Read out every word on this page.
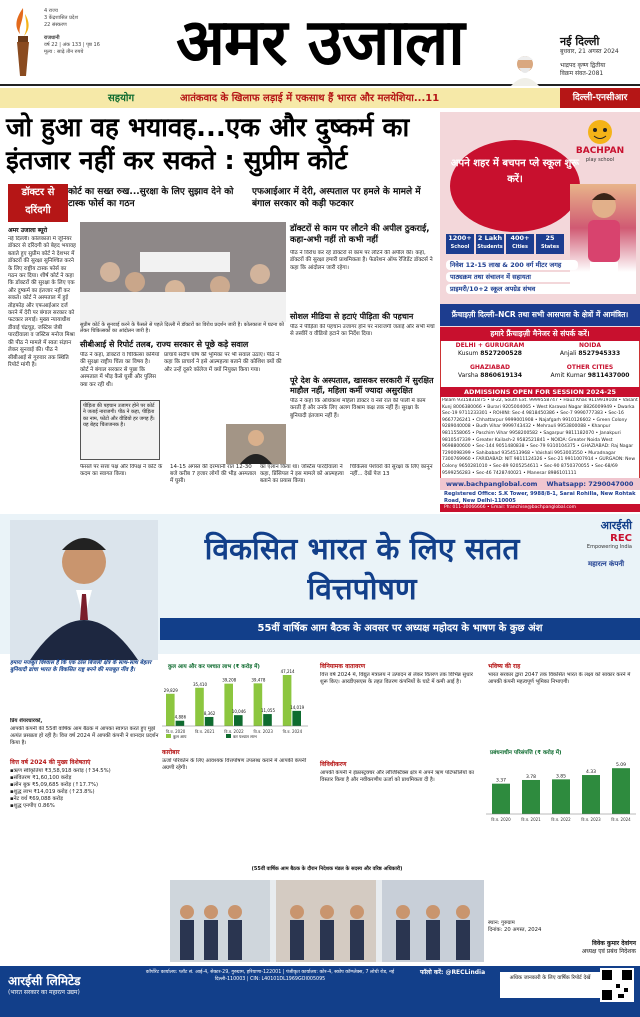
4 राज्य
3 केंद्रशासित प्रदेश
22 संस्करण
राजधानी
वर्ष 22 | अंक 133 | पृष्ठ 16
मूल्य : साढ़े तीन रुपये	अमर उजाला	नई दिल्ली
बुधवार, 21 अगस्त 2024
भाद्रपद कृष्ण द्वितीया
विक्रम संवत-2081
सहयोग	आतंकवाद के खिलाफ लड़ाई में एकसाथ हैं भारत और मलयेशिया...11	दिल्ली-एनसीआर
जो हुआ वह भयावह...एक और दुष्कर्म का इंतजार नहीं कर सकते : सुप्रीम कोर्ट
डॉक्टर से दरिंदगी
कोर्ट का सख्त रुख...सुरक्षा के लिए सुझाव देने को टास्क फोर्स का गठन
एफआईआर में देरी, अस्पताल पर हमले के मामले में बंगाल सरकार को कड़ी फटकार
अमर उजाला ब्यूरो
नई दिल्ली। कोलकाता में जूनियर डॉक्टर से दरिंदगी को बेहद भयावह बताते हुए सुप्रीम कोर्ट ने देशभर में डॉक्टरों की सुरक्षा सुनिश्चित करने के लिए राष्ट्रीय टास्क फोर्स का गठन कर दिया। शीर्ष कोर्ट ने कहा कि डॉक्टरों की सुरक्षा के लिए एक और दुष्कर्म का इंतजार नहीं कर सकते। कोर्ट ने अस्पताल में हुई तोड़फोड़ और एफआईआर दर्ज करने में देरी पर बंगाल सरकार को फटकार लगाई। मुख्य न्यायाधीश डीवाई चंद्रचूड़, जस्टिस जेबी पारदीवाला व जस्टिस मनोज मिश्रा की पीठ ने मामले में स्वतः संज्ञान लेकर सुनवाई की। पीठ ने सीबीआई से गुरुवार तक स्थिति रिपोर्ट मांगी है।
सुप्रीम कोर्ट के सुनवाई करने के फैसले से पहले दिल्ली में डॉक्टरों का विरोध प्रदर्शन जारी है। कोलकाता में घटना को लेकर चिकित्सकों का आंदोलन जारी है।
सीबीआई से रिपोर्ट तलब, राज्य सरकार से पूछे कड़े सवाल
पीठ ने कहा, डॉक्टरों व चिकित्सा कर्मियों की सुरक्षा राष्ट्रीय चिंता का विषय है। कोर्ट ने बंगाल सरकार से पूछा कि अस्पताल में भीड़ कैसे घुसी और पुलिस क्या कर रही थी।
प्राचार्य संदीप घोष की भूमिका पर भी सवाल उठाए। पीठ ने कहा कि प्राचार्य ने इसे आत्महत्या बताने की कोशिश क्यों की और उन्हें दूसरे कॉलेज में क्यों नियुक्त किया गया।
पीड़िता की पहचान उजागर होने पर कोर्ट ने जताई नाराजगी। पीठ ने कहा, पीड़िता का नाम, फोटो और वीडियो हर जगह हैं। यह बेहद चिंताजनक है।
डॉक्टरों से काम पर लौटने की अपील ठुकराई, कहा-अभी नहीं तो कभी नहीं
पीठ ने विरोध कर रहे डॉक्टरों से काम पर लौटने की अपील की। कहा, डॉक्टरों की सुरक्षा हमारी प्राथमिकता है। फेडरेशन ऑफ रेजिडेंट डॉक्टर्स ने कहा कि आंदोलन जारी रहेगा।
सोशल मीडिया से हटाएं पीड़िता की पहचान
पीठ ने पीड़िता की पहचान उजागर होने पर नाराजगी जताई और सभी मंचों से तस्वीरें व वीडियो हटाने का निर्देश दिया।
पूरे देश के अस्पताल, खासकर सरकारी में सुरक्षित माहौल नहीं, महिला कर्मी ज्यादा असुरक्षित
पीठ ने कहा कि अधिकांश महिला डॉक्टर व नर्सें रात की पाली में काम करती हैं और उनके लिए अलग विश्राम कक्ष तक नहीं हैं। सुरक्षा के बुनियादी इंतजाम नहीं हैं।
फैसले पर सत्ता पक्ष और विपक्ष ने कोर्ट के कदम का स्वागत किया।
14-15 अगस्त की दरम्यानी रात 12-30 बजे करीब 7 हजार लोगों की भीड़ अस्पताल में घुसी।
का एलान किया था। जस्टिस पारदीवाला ने कहा, प्रिंसिपल ने इस मामले को आत्महत्या बताने का प्रयास किया।
चिकित्सा पेशेवरों की सुरक्षा के लिए कानून नहीं... देखें पेज 13
BACHPAN
play school
अपने शहर में बचपन प्ले स्कूल शुरू करें।
1200+
School
2 Lakh
Students
400+
Cities
25
States
निवेश 12-15 लाख & 200 वर्ग मीटर जगह
पाठ्यक्रम तथा संचालन में सहायता
प्राइमरी/10+2 स्कूल अपग्रेड संभव
फ्रैंचाइज़ी दिल्ली–NCR तथा सभी आसपास के क्षेत्रों में आमंत्रित।
हमारे फ्रैंचाइज़ी मैनेजर से संपर्क करें।
DELHI + GURUGRAM
Kusum 8527200528
NOIDA
Anjali 8527945333
GHAZIABAD
Varsha 8860619134
OTHER CITIES
Amit Kumar 9811437000
ADMISSIONS OPEN FOR SESSION 2024-25
Palam 9315831875 • B-22, South Ext. 9999558747 • Hauz Khas 9119919108 • Vasant Kunj 8006380066 • Burari 9205004065 • West Karawal Nagar 8826009949 • Dwarka Sec-19 9711233301 • ROHINI: Sec-4 9818450386 • Sec-7 9990777383 • Sec-16 9667726241 • Chhattarpur 9999001908 • Najafgarh 9910126602 • Green Colony 9289040008 • Budh Vihar 9999743432 • Mehrauli 9953800088 • Khanpur 9811558065 • Paschim Vihar 9958200582 • Sagarpur 9811182070 • Janakpuri 9810547339 • Greater Kailash-2 9582521841 • NOIDA: Greater Noida West 9698800600 • Sec-144 9051480838 • Sec-79 9310104375 • GHAZIABAD: Raj Nagar 7290098399 • Sahibabad 9354513968 • Vaishali 9953003550 • Muradnagar 7300769960 • FARIDABAD: NIT 9811124326 • Sec-21 9911007914 • GURGAON: New Colony 9650281010 • Sec-89 9205254611 • Sec-90 8750370055 • Sec-68/69 9599256283 • Sec-46 7428740021 • Manesar 8986101111
www.bachpanglobal.com Whatsapp: 7290047000
Registered Office: S.K Tower, 9988/8-1, Sarai Rohilla, New Rohtak Road, New Delhi-110005
Ph: 011-30066666 • Email: franchise@bachpanglobal.com
आरईसी
REC
Empowering India
महारत्न कंपनी
विकसित भारत के लिए सतत वित्तपोषण
55वीं वार्षिक आम बैठक के अवसर पर अध्यक्ष महोदय के भाषण के कुछ अंश
हमारा मजबूत विश्वास है कि एक ठोस बिजली क्षेत्र के साथ-साथ बेहतर बुनियादी ढांचा भारत के विकसित राष्ट्र बनने की मजबूत नींव है।
प्रिय शेयरधारकों,
आपकी कंपनी की 55वीं वार्षिक आम बैठक में आपका स्वागत करते हुए मुझे अत्यंत प्रसन्नता हो रही है। वित्त वर्ष 2024 में आपकी कंपनी ने शानदार प्रदर्शन किया है।
वित्त वर्ष 2024 की मुख्य विशेषताएं
▪ ऋण स्वीकृतियां ₹3,58,918 करोड़ (↑34.5%)
▪ संवितरण ₹1,60,100 करोड़
▪ लोन बुक ₹5,09,685 करोड़ (↑17.7%)
▪ शुद्ध लाभ ₹14,019 करोड़ (↑23.8%)
▪ नेट वर्थ ₹69,088 करोड़
▪ शुद्ध एनपीए 0.86%
कुल आय और कर पश्चात लाभ (₹ करोड़ में)
29,829
4,886
वि.व. 2020
35,410
8,362
वि.व. 2021
39,208
10,046
वि.व. 2022
39,478
11,055
वि.व. 2023
47,214
14,019
वि.व. 2024
कुल आय	कर पश्चात लाभ
विनियामक वातावरण
वित्त वर्ष 2024 में, विद्युत मंत्रालय ने उत्पादन से लेकर वितरण तक विभिन्न सुधार शुरू किए। आरडीएसएस के तहत वितरण कंपनियों के घाटे में कमी आई है।
विविधीकरण
आपकी कंपनी ने इंफ्रास्ट्रक्चर और लॉजिस्टिक्स क्षेत्र में अपने ऋण पोर्टफोलियो का विस्तार किया है और नवीकरणीय ऊर्जा को प्राथमिकता दी है।
कारोबार
ऊर्जा परिवर्तन के लिए आवश्यक वित्तपोषण उपलब्ध कराने में आपकी कंपनी अग्रणी रहेगी।
भविष्य की राह
भारत सरकार द्वारा 2047 तक विकसित भारत के लक्ष्य को साकार करने में आपकी कंपनी महत्वपूर्ण भूमिका निभाएगी।
प्रबंधनाधीन परिसंपत्ति (₹ करोड़ में)
3.37
वि.व. 2020
3.78
वि.व. 2021
3.85
वि.व. 2022
4.33
वि.व. 2023
5.09
वि.व. 2024
(55वीं वार्षिक आम बैठक के दौरान निदेशक मंडल के सदस्य और वरिष्ठ अधिकारी)
स्थान: गुरुग्राम
दिनांक: 20 अगस्त, 2024
विवेक कुमार देवांगन
अध्यक्ष एवं प्रबंध निदेशक
आरईसी लिमिटेड
(भारत सरकार का महारत्न उद्यम)
कॉर्पोरेट कार्यालय: प्लॉट सं. आई-4, सेक्टर-29, गुरुग्राम, हरियाणा-122001 | पंजीकृत कार्यालय: कोर-4, स्कोप कॉम्प्लेक्स, 7 लोधी रोड, नई दिल्ली-110003 | CIN: L40101DL1969GOI005095
फॉलो करें: @RECLindia
अधिक जानकारी के लिए वार्षिक रिपोर्ट देखें
